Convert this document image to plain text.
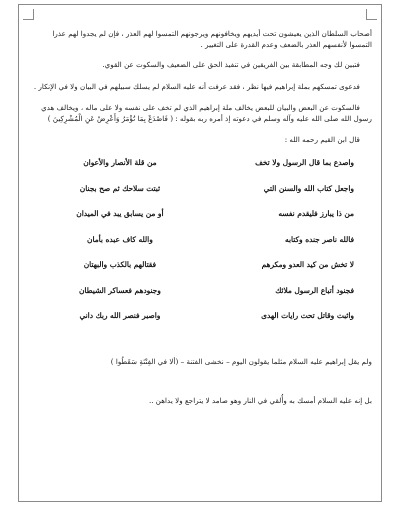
أصحاب السلطان الذين يعيشون تحت أيديهم ويخافونهم ويرجونهم التمسوا لهم العذر ، فإن لم يجدوا لهم عذرا التمسوا لأنفسهم العذر بالضعف وعدم القدرة على التغيير .

فتبين لك وجه المطابقة بين الفريقين في تنفيذ الحق على الضعيف والسكوت عن القوي.

فدعوى تمسكهم بملة إبراهيم فيها نظر ، فقد عرفت أنه عليه السلام لم يسلك سبيلهم في البيان ولا في الإنكار .

فالسكوت عن البعض والبيان للبعض يخالف ملة إبراهيم الذي لم تخف على نفسه ولا على ماله ، ويخالف هدي رسول الله صلى الله عليه وآله وسلم في دعوته إذ أمره ربه بقوله : ( فَاصْدَعْ بِمَا تُؤْمَرُ وَأَعْرِضْ عَنِ الْمُشْرِكِينَ )

قال ابن القيم رحمه الله :

واصدع بما قال الرسول ولا تخف
من قلة الأنصار والأعوان
واجعل كتاب الله والسنن التي
ثبتت سلاحك ثم صح بجنان
من ذا يبارز فليقدم نفسه
أو من يسابق يبد في الميدان
فالله ناصر جنده وكتابه
والله كاف عبده بأمان
لا تخش من كيد العدو ومكرهم
فقتالهم بالكذب والبهتان
فجنود أتباع الرسول ملائك
وجنودهم فعساكر الشيطان
واثبت وقاتل تحت رايات الهدى
واصبر فنصر الله ربك داني

ولم يقل إبراهيم عليه السلام مثلما يقولون اليوم – نخشى الفتنة – (ألا في الفِتْنَةِ سَقَطُوا )

بل إنه عليه السلام أمسك به وأُلقي في النار وهو صامد لا يتراجع ولا يداهن ..
